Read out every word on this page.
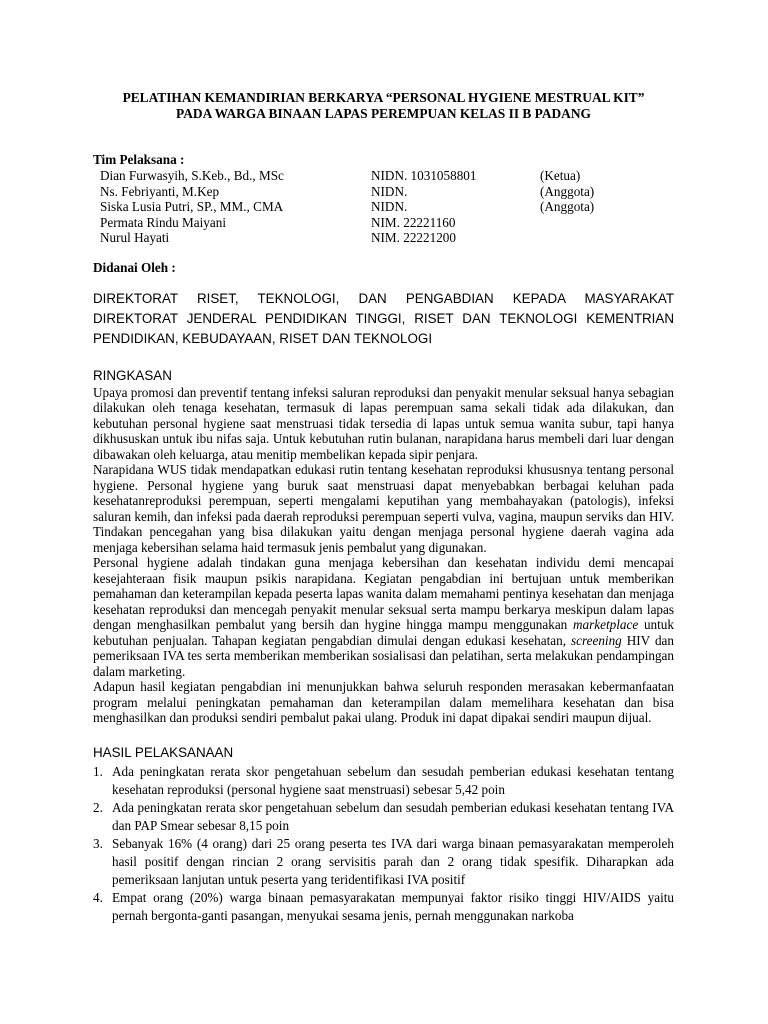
PELATIHAN KEMANDIRIAN BERKARYA “PERSONAL HYGIENE MESTRUAL KIT”
PADA WARGA BINAAN LAPAS PEREMPUAN KELAS II B PADANG

Tim Pelaksana :

Dian Furwasyih, S.Keb., Bd., MSc	NIDN. 1031058801	(Ketua)
Ns. Febriyanti, M.Kep	NIDN.	(Anggota)
Siska Lusia Putri, SP., MM., CMA	NIDN.	(Anggota)
Permata Rindu Maiyani	NIM. 22221160
Nurul Hayati	NIM. 22221200

Didanai Oleh :

DIREKTORAT RISET, TEKNOLOGI, DAN PENGABDIAN KEPADA MASYARAKAT
DIREKTORAT JENDERAL PENDIDIKAN TINGGI, RISET DAN TEKNOLOGI KEMENTRIAN PENDIDIKAN, KEBUDAYAAN, RISET DAN TEKNOLOGI

RINGKASAN

Upaya promosi dan preventif tentang infeksi saluran reproduksi dan penyakit menular seksual hanya sebagian dilakukan oleh tenaga kesehatan, termasuk di lapas perempuan sama sekali tidak ada dilakukan, dan kebutuhan personal hygiene saat menstruasi tidak tersedia di lapas untuk semua wanita subur, tapi hanya dikhususkan untuk ibu nifas saja. Untuk kebutuhan rutin bulanan, narapidana harus membeli dari luar dengan dibawakan oleh keluarga, atau menitip membelikan kepada sipir penjara.

Narapidana WUS tidak mendapatkan edukasi rutin tentang kesehatan reproduksi khususnya tentang personal hygiene. Personal hygiene yang buruk saat menstruasi dapat menyebabkan berbagai keluhan pada kesehatanreproduksi perempuan, seperti mengalami keputihan yang membahayakan (patologis), infeksi saluran kemih, dan infeksi pada daerah reproduksi perempuan seperti vulva, vagina, maupun serviks dan HIV. Tindakan pencegahan yang bisa dilakukan yaitu dengan menjaga personal hygiene daerah vagina ada menjaga kebersihan selama haid termasuk jenis pembalut yang digunakan.

Personal hygiene adalah tindakan guna menjaga kebersihan dan kesehatan individu demi mencapai kesejahteraan fisik maupun psikis narapidana. Kegiatan pengabdian ini bertujuan untuk memberikan pemahaman dan keterampilan kepada peserta lapas wanita dalam memahami pentinya kesehatan dan menjaga kesehatan reproduksi dan mencegah penyakit menular seksual serta mampu berkarya meskipun dalam lapas dengan menghasilkan pembalut yang bersih dan hygine hingga mampu menggunakan marketplace untuk kebutuhan penjualan. Tahapan kegiatan pengabdian dimulai dengan edukasi kesehatan, screening HIV dan pemeriksaan IVA tes serta memberikan memberikan sosialisasi dan pelatihan, serta melakukan pendampingan dalam marketing.

Adapun hasil kegiatan pengabdian ini menunjukkan bahwa seluruh responden merasakan kebermanfaatan program melalui peningkatan pemahaman dan keterampilan dalam memelihara kesehatan dan bisa menghasilkan dan produksi sendiri pembalut pakai ulang. Produk ini dapat dipakai sendiri maupun dijual.

HASIL PELAKSANAAN

1. Ada peningkatan rerata skor pengetahuan sebelum dan sesudah pemberian edukasi kesehatan tentang kesehatan reproduksi (personal hygiene saat menstruasi) sebesar 5,42 poin
2. Ada peningkatan rerata skor pengetahuan sebelum dan sesudah pemberian edukasi kesehatan tentang IVA dan PAP Smear sebesar 8,15 poin
3. Sebanyak 16% (4 orang) dari 25 orang peserta tes IVA dari warga binaan pemasyarakatan memperoleh hasil positif dengan rincian 2 orang servisitis parah dan 2 orang tidak spesifik. Diharapkan ada pemeriksaan lanjutan untuk peserta yang teridentifikasi IVA positif
4. Empat orang (20%) warga binaan pemasyarakatan mempunyai faktor risiko tinggi HIV/AIDS yaitu pernah bergonta-ganti pasangan, menyukai sesama jenis, pernah menggunakan narkoba
